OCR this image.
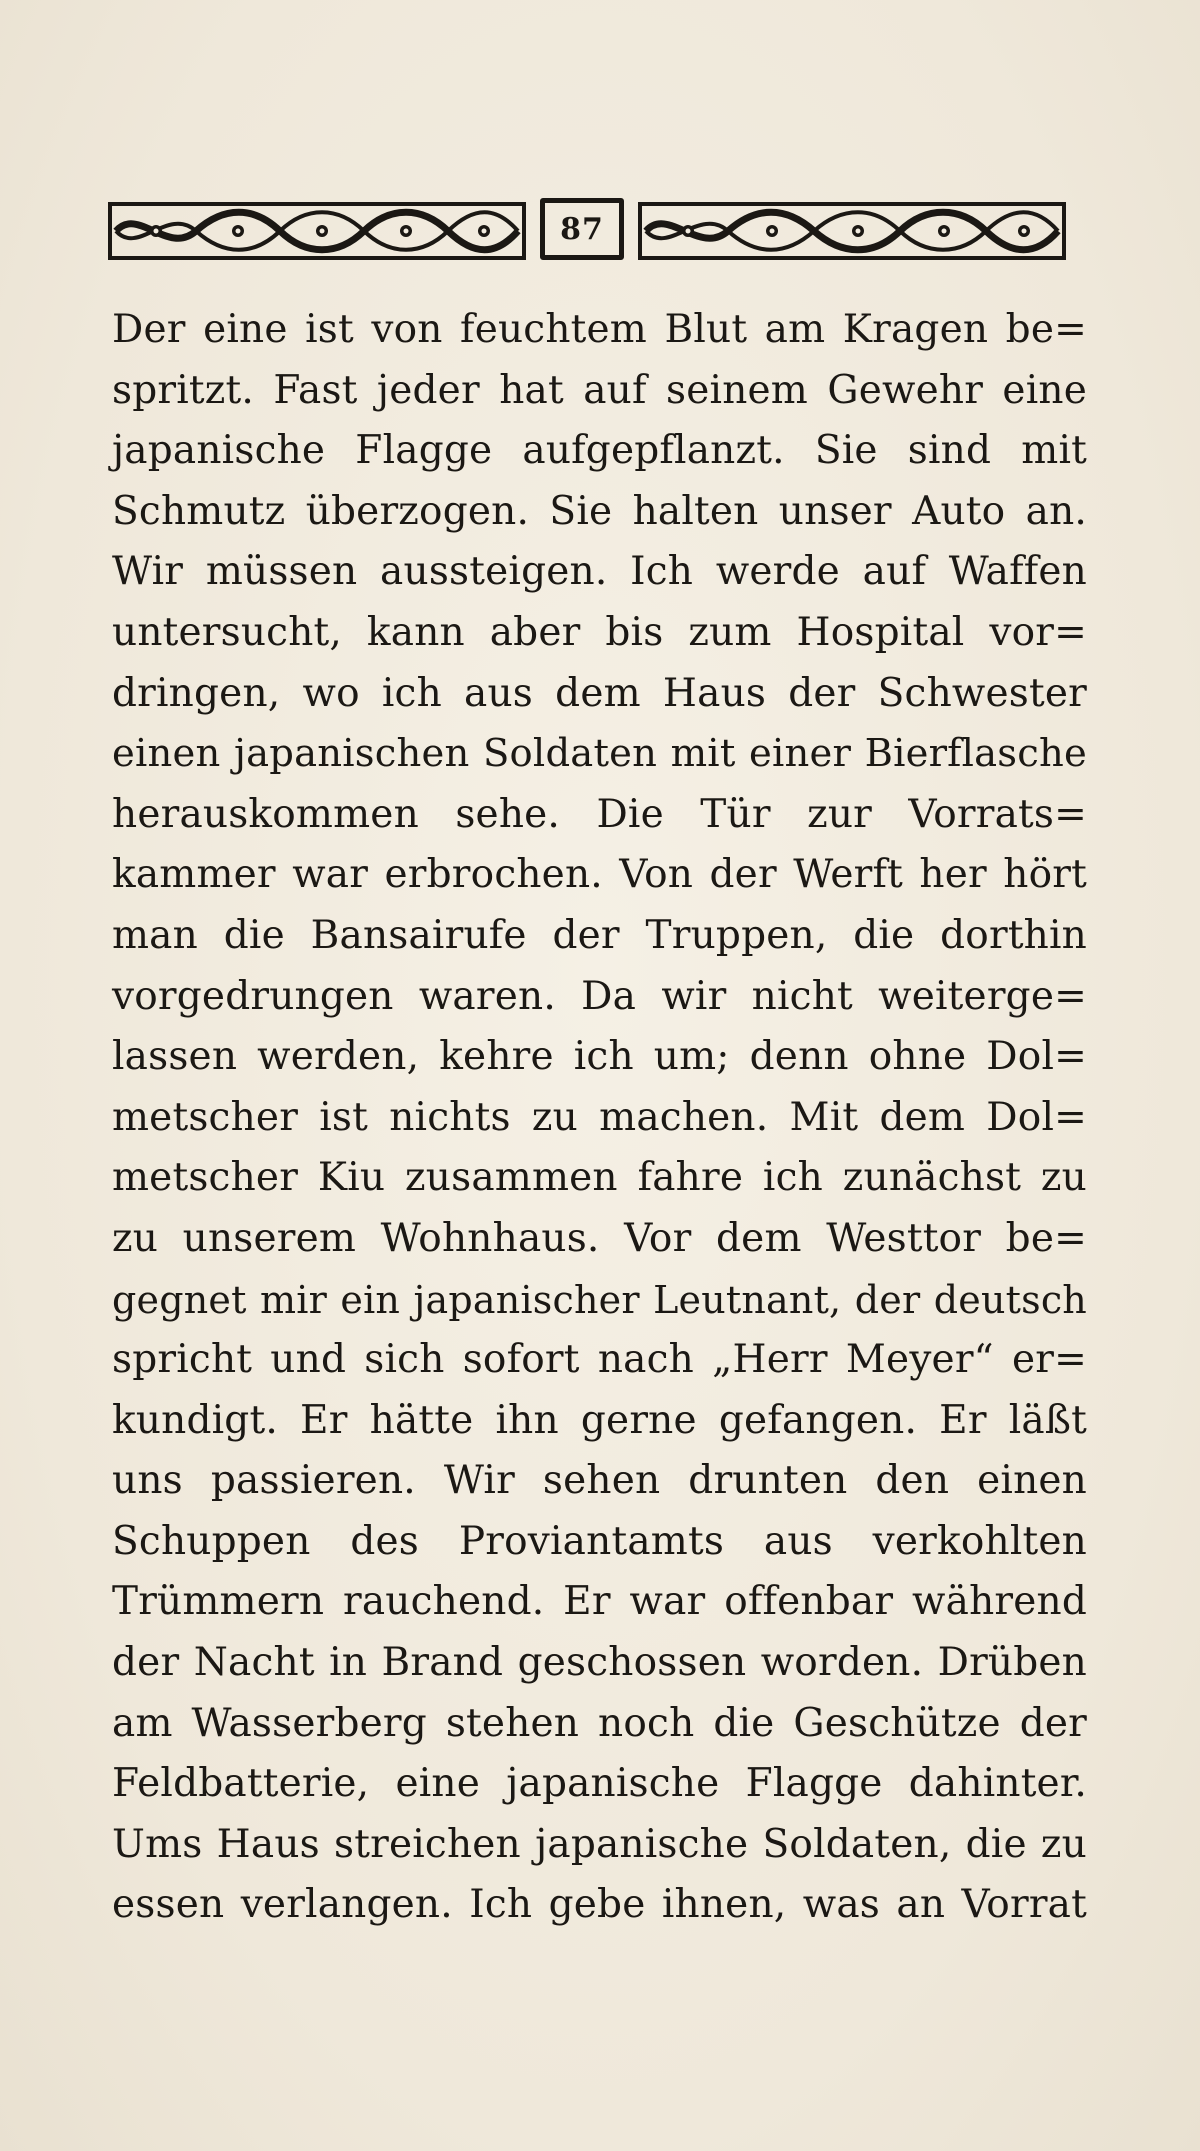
87
Der eine ist von feuchtem Blut am Kragen be=
spritzt. Fast jeder hat auf seinem Gewehr eine
japanische Flagge aufgepflanzt. Sie sind mit
Schmutz überzogen. Sie halten unser Auto an.
Wir müssen aussteigen. Ich werde auf Waffen
untersucht, kann aber bis zum Hospital vor=
dringen, wo ich aus dem Haus der Schwester
einen japanischen Soldaten mit einer Bierflasche
herauskommen sehe. Die Tür zur Vorrats=
kammer war erbrochen. Von der Werft her hört
man die Bansairufe der Truppen, die dorthin
vorgedrungen waren. Da wir nicht weiterge=
lassen werden, kehre ich um; denn ohne Dol=
metscher ist nichts zu machen. Mit dem Dol=
metscher Kiu zusammen fahre ich zunächst zu
zu unserem Wohnhaus. Vor dem Westtor be=
gegnet mir ein japanischer Leutnant, der deutsch
spricht und sich sofort nach „Herr Meyer“ er=
kundigt. Er hätte ihn gerne gefangen. Er läßt
uns passieren. Wir sehen drunten den einen
Schuppen des Proviantamts aus verkohlten
Trümmern rauchend. Er war offenbar während
der Nacht in Brand geschossen worden. Drüben
am Wasserberg stehen noch die Geschütze der
Feldbatterie, eine japanische Flagge dahinter.
Ums Haus streichen japanische Soldaten, die zu
essen verlangen. Ich gebe ihnen, was an Vorrat
